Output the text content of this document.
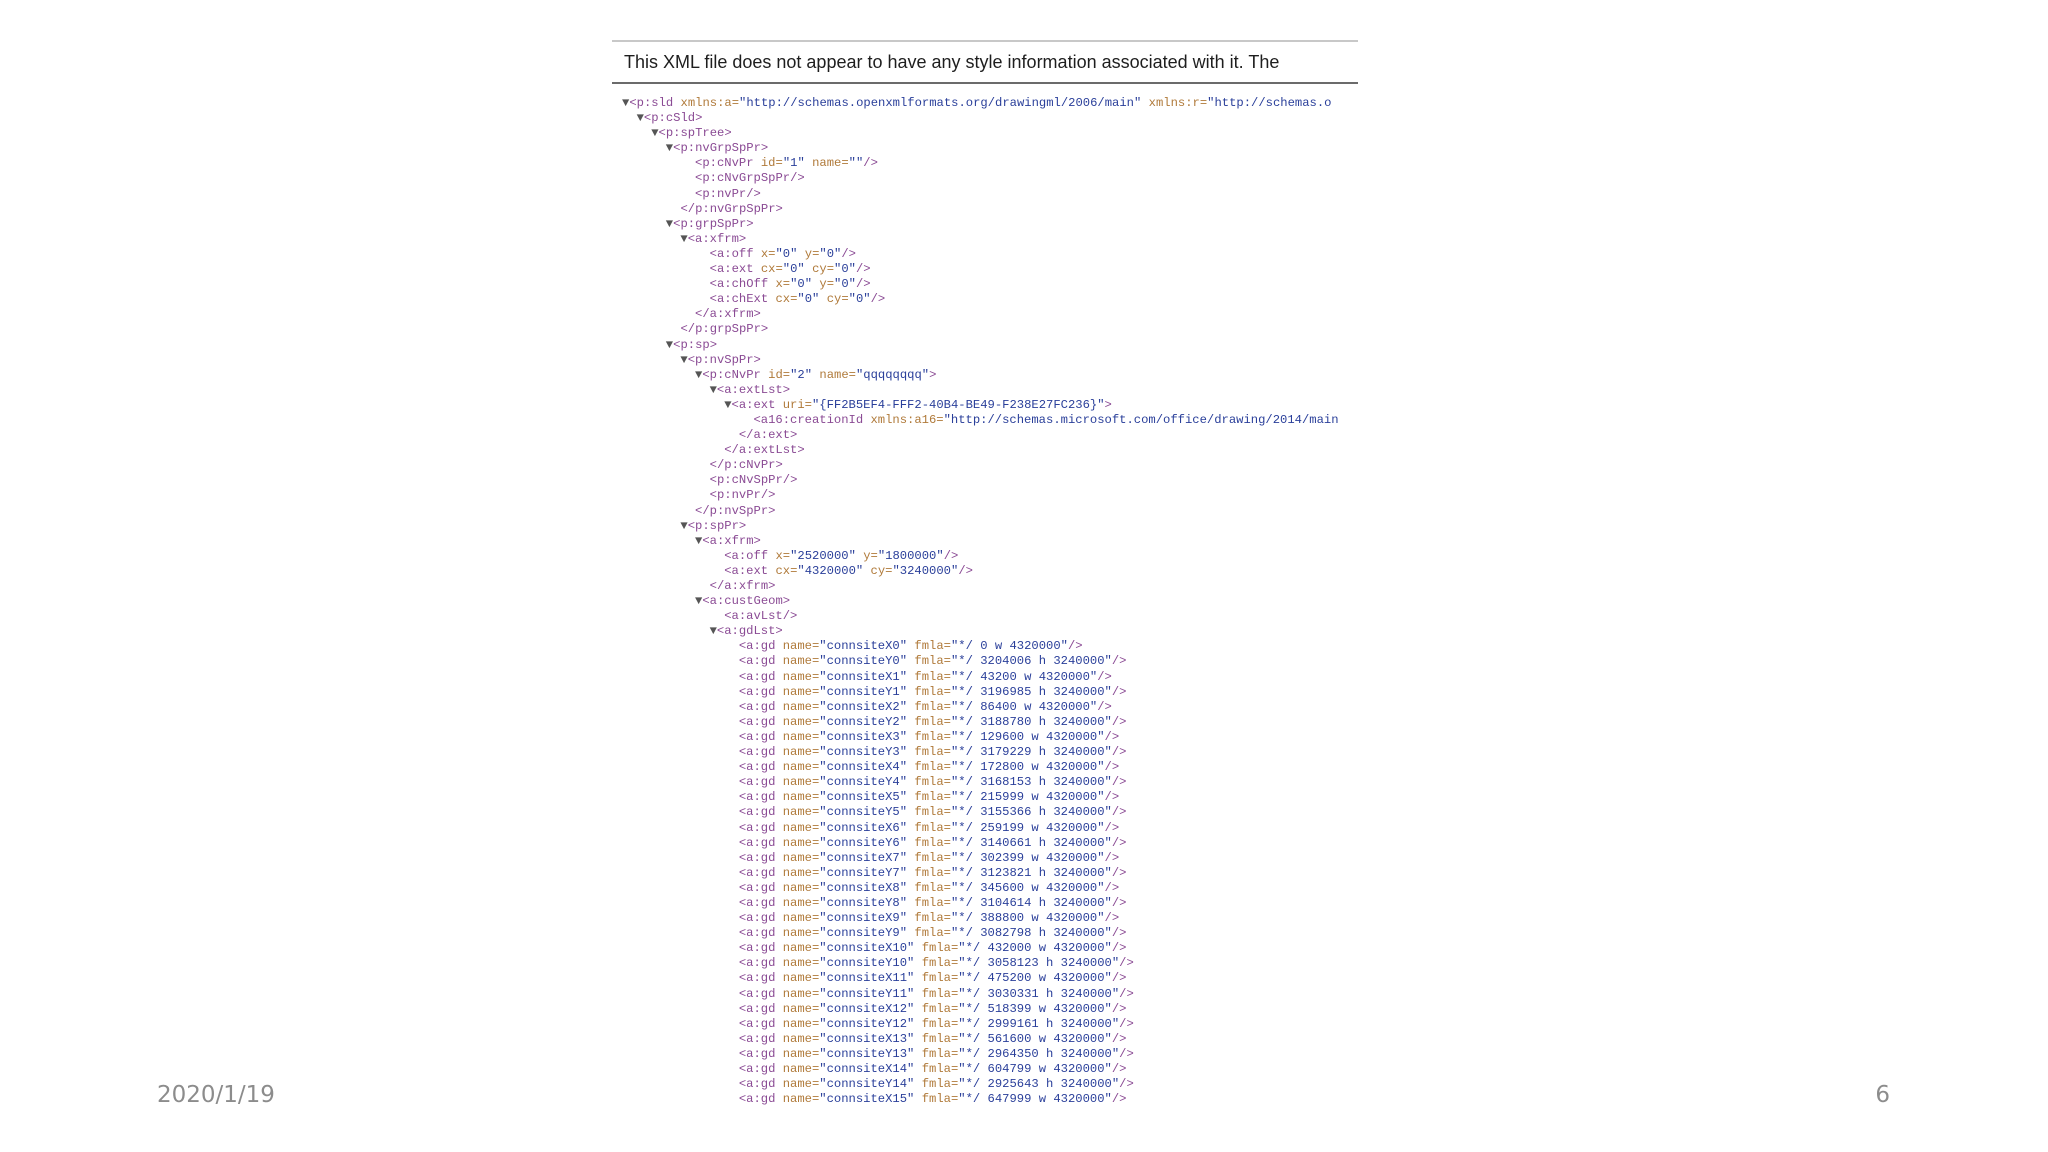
This XML file does not appear to have any style information associated with it. The
▼<p:sld xmlns:a="http://schemas.openxmlformats.org/drawingml/2006/main" xmlns:r="http://schemas.o
▼<p:cSld>
▼<p:spTree>
▼<p:nvGrpSpPr>
<p:cNvPr id="1" name=""/>
<p:cNvGrpSpPr/>
<p:nvPr/>
</p:nvGrpSpPr>
▼<p:grpSpPr>
▼<a:xfrm>
<a:off x="0" y="0"/>
<a:ext cx="0" cy="0"/>
<a:chOff x="0" y="0"/>
<a:chExt cx="0" cy="0"/>
</a:xfrm>
</p:grpSpPr>
▼<p:sp>
▼<p:nvSpPr>
▼<p:cNvPr id="2" name="qqqqqqqq">
▼<a:extLst>
▼<a:ext uri="{FF2B5EF4-FFF2-40B4-BE49-F238E27FC236}">
<a16:creationId xmlns:a16="http://schemas.microsoft.com/office/drawing/2014/main
</a:ext>
</a:extLst>
</p:cNvPr>
<p:cNvSpPr/>
<p:nvPr/>
</p:nvSpPr>
▼<p:spPr>
▼<a:xfrm>
<a:off x="2520000" y="1800000"/>
<a:ext cx="4320000" cy="3240000"/>
</a:xfrm>
▼<a:custGeom>
<a:avLst/>
▼<a:gdLst>
<a:gd name="connsiteX0" fmla="*/ 0 w 4320000"/>
<a:gd name="connsiteY0" fmla="*/ 3204006 h 3240000"/>
<a:gd name="connsiteX1" fmla="*/ 43200 w 4320000"/>
<a:gd name="connsiteY1" fmla="*/ 3196985 h 3240000"/>
<a:gd name="connsiteX2" fmla="*/ 86400 w 4320000"/>
<a:gd name="connsiteY2" fmla="*/ 3188780 h 3240000"/>
<a:gd name="connsiteX3" fmla="*/ 129600 w 4320000"/>
<a:gd name="connsiteY3" fmla="*/ 3179229 h 3240000"/>
<a:gd name="connsiteX4" fmla="*/ 172800 w 4320000"/>
<a:gd name="connsiteY4" fmla="*/ 3168153 h 3240000"/>
<a:gd name="connsiteX5" fmla="*/ 215999 w 4320000"/>
<a:gd name="connsiteY5" fmla="*/ 3155366 h 3240000"/>
<a:gd name="connsiteX6" fmla="*/ 259199 w 4320000"/>
<a:gd name="connsiteY6" fmla="*/ 3140661 h 3240000"/>
<a:gd name="connsiteX7" fmla="*/ 302399 w 4320000"/>
<a:gd name="connsiteY7" fmla="*/ 3123821 h 3240000"/>
<a:gd name="connsiteX8" fmla="*/ 345600 w 4320000"/>
<a:gd name="connsiteY8" fmla="*/ 3104614 h 3240000"/>
<a:gd name="connsiteX9" fmla="*/ 388800 w 4320000"/>
<a:gd name="connsiteY9" fmla="*/ 3082798 h 3240000"/>
<a:gd name="connsiteX10" fmla="*/ 432000 w 4320000"/>
<a:gd name="connsiteY10" fmla="*/ 3058123 h 3240000"/>
<a:gd name="connsiteX11" fmla="*/ 475200 w 4320000"/>
<a:gd name="connsiteY11" fmla="*/ 3030331 h 3240000"/>
<a:gd name="connsiteX12" fmla="*/ 518399 w 4320000"/>
<a:gd name="connsiteY12" fmla="*/ 2999161 h 3240000"/>
<a:gd name="connsiteX13" fmla="*/ 561600 w 4320000"/>
<a:gd name="connsiteY13" fmla="*/ 2964350 h 3240000"/>
<a:gd name="connsiteX14" fmla="*/ 604799 w 4320000"/>
<a:gd name="connsiteY14" fmla="*/ 2925643 h 3240000"/>
<a:gd name="connsiteX15" fmla="*/ 647999 w 4320000"/>
2020/1/19	6
